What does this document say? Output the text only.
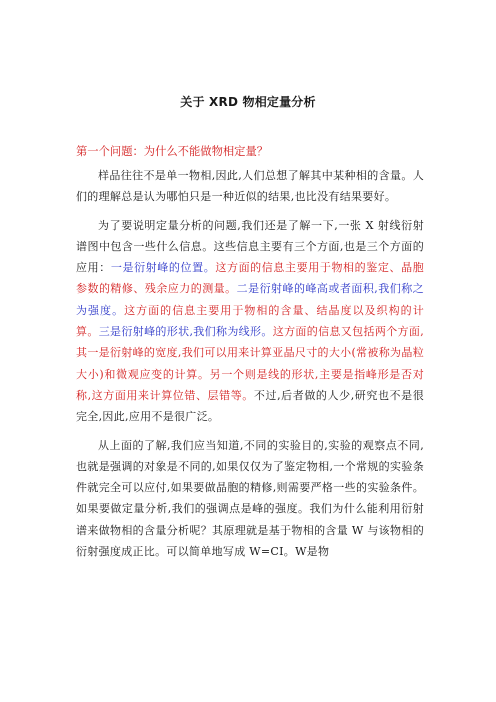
关于 XRD 物相定量分析
第一个问题：为什么不能做物相定量？

样品往往不是单一物相,因此,人们总想了解其中某种相的含量。人们的理解总是认为哪怕只是一种近似的结果,也比没有结果要好。

为了要说明定量分析的问题,我们还是了解一下,一张 X 射线衍射谱图中包含一些什么信息。这些信息主要有三个方面,也是三个方面的应用：一是衍射峰的位置。这方面的信息主要用于物相的鉴定、晶胞参数的精修、残余应力的测量。二是衍射峰的峰高或者面积,我们称之为强度。这方面的信息主要用于物相的含量、结晶度以及织构的计算。三是衍射峰的形状,我们称为线形。这方面的信息又包括两个方面,其一是衍射峰的宽度,我们可以用来计算亚晶尺寸的大小(常被称为晶粒大小)和微观应变的计算。另一个则是线的形状,主要是指峰形是否对称,这方面用来计算位错、层错等。不过,后者做的人少,研究也不是很完全,因此,应用不是很广泛。

从上面的了解,我们应当知道,不同的实验目的,实验的观察点不同,也就是强调的对象是不同的,如果仅仅为了鉴定物相,一个常规的实验条件就完全可以应付,如果要做晶胞的精修,则需要严格一些的实验条件。如果要做定量分析,我们的强调点是峰的强度。我们为什么能利用衍射谱来做物相的含量分析呢？其原理就是基于物相的含量 W 与该物相的衍射强度成正比。可以简单地写成 W=CI。W是物
